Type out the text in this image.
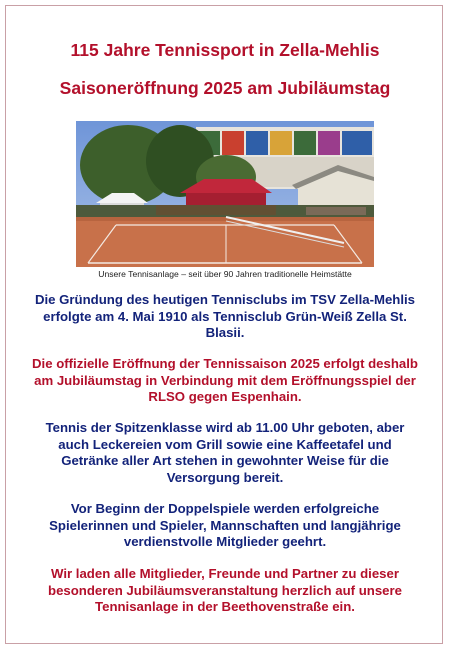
115 Jahre Tennissport in Zella-Mehlis
Saisoneröffnung 2025 am Jubiläumstag
Unsere Tennisanlage – seit über 90 Jahren traditionelle Heimstätte

Die Gründung des heutigen Tennisclubs im TSV Zella-Mehlis erfolgte am 4. Mai 1910 als Tennisclub Grün-Weiß Zella St. Blasii.

Die offizielle Eröffnung der Tennissaison 2025 erfolgt deshalb am Jubiläumstag in Verbindung mit dem Eröffnungsspiel der RLSO gegen Espenhain.

Tennis der Spitzenklasse wird ab 11.00 Uhr geboten, aber auch Leckereien vom Grill sowie eine Kaffeetafel und Getränke aller Art stehen in gewohnter Weise für die Versorgung bereit.

Vor Beginn der Doppelspiele werden erfolgreiche Spielerinnen und Spieler, Mannschaften und langjährige verdienstvolle Mitglieder geehrt.

Wir laden alle Mitglieder, Freunde und Partner zu dieser besonderen Jubiläumsveranstaltung herzlich auf unsere Tennisanlage in der Beethovenstraße ein.
